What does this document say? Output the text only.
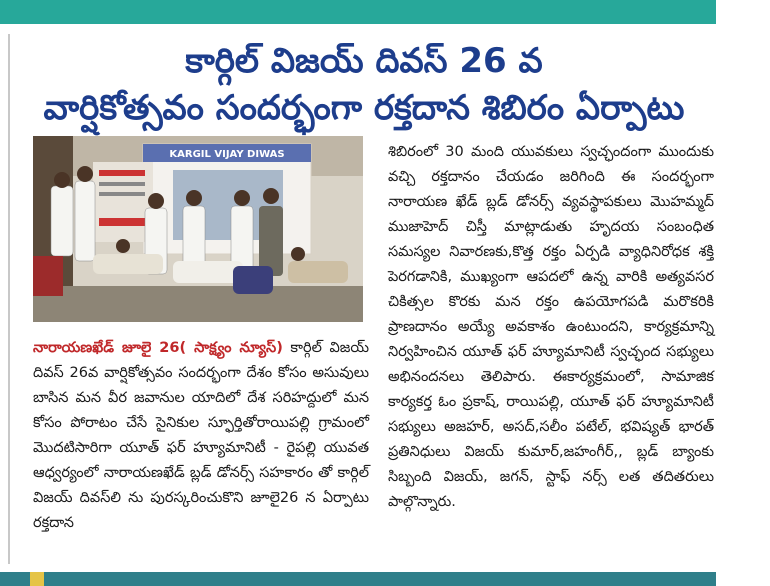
కార్గిల్ విజయ్ దివస్ 26 వ
వార్షికోత్సవం సందర్భంగా రక్తదాన శిబిరం ఏర్పాటు
KARGIL VIJAY DIWAS
నారాయణఖేడ్ జూలై 26( సాక్ష్యం న్యూస్) కార్గిల్ విజయ్ దివస్ 26వ వార్షికోత్సవం సందర్భంగా దేశం కోసం అసువులు బాసిన మన వీర జవానుల యాదిలో దేశ సరిహద్దులో మన కోసం పోరాటం చేసే సైనికుల స్ఫూర్తితోరాయిపల్లి గ్రామంలో మొదటిసారిగా యూత్ ఫర్ హ్యూమానిటీ - రైపల్లి యువత ఆధ్వర్యంలో నారాయణఖేడ్ బ్లడ్ డోనర్స్ సహకారం తో కార్గిల్ విజయ్ దివస్‌లి ను పురస్కరించుకొని జూలై26 న ఏర్పాటు రక్తదాన
శిబిరంలో 30 మంది యువకులు స్వచ్ఛందంగా ముందుకు వచ్చి రక్తదానం చేయడం జరిగింది ఈ సందర్భంగా నారాయణ ఖేడ్ బ్లడ్ డోనర్స్ వ్యవస్థాపకులు మొహమ్మద్ ముజాహెద్ చిస్తీ మాట్లాడుతు హృదయ సంబంధిత సమస్యల నివారణకు,కొత్త రక్తం ఏర్పడి వ్యాధినిరోధక శక్తి పెరగడానికి, ముఖ్యంగా ఆపదలో ఉన్న వారికి అత్యవసర చికిత్సల కొరకు మన రక్తం ఉపయోగపడి మరొకరికి ప్రాణదానం అయ్యే అవకాశం ఉంటుందని, కార్యక్రమాన్ని నిర్వహించిన యూత్ ఫర్ హ్యూమానిటీ స్వచ్ఛంద సభ్యులు అభినందనలు తెలిపారు. ఈకార్యక్రమంలో, సామాజిక కార్యకర్త ఓం ప్రకాష్, రాయిపల్లి, యూత్ ఫర్ హ్యూమానిటీ సభ్యులు అజహర్, అసద్,సలీం పటేల్, భవిష్యత్ భారత్ ప్రతినిధులు విజయ్ కుమార్,జహంగీర్,, బ్లడ్ బ్యాంకు సిబ్బంది విజయ్, జగన్, స్టాఫ్ నర్స్ లత తదితరులు పాల్గొన్నారు.
